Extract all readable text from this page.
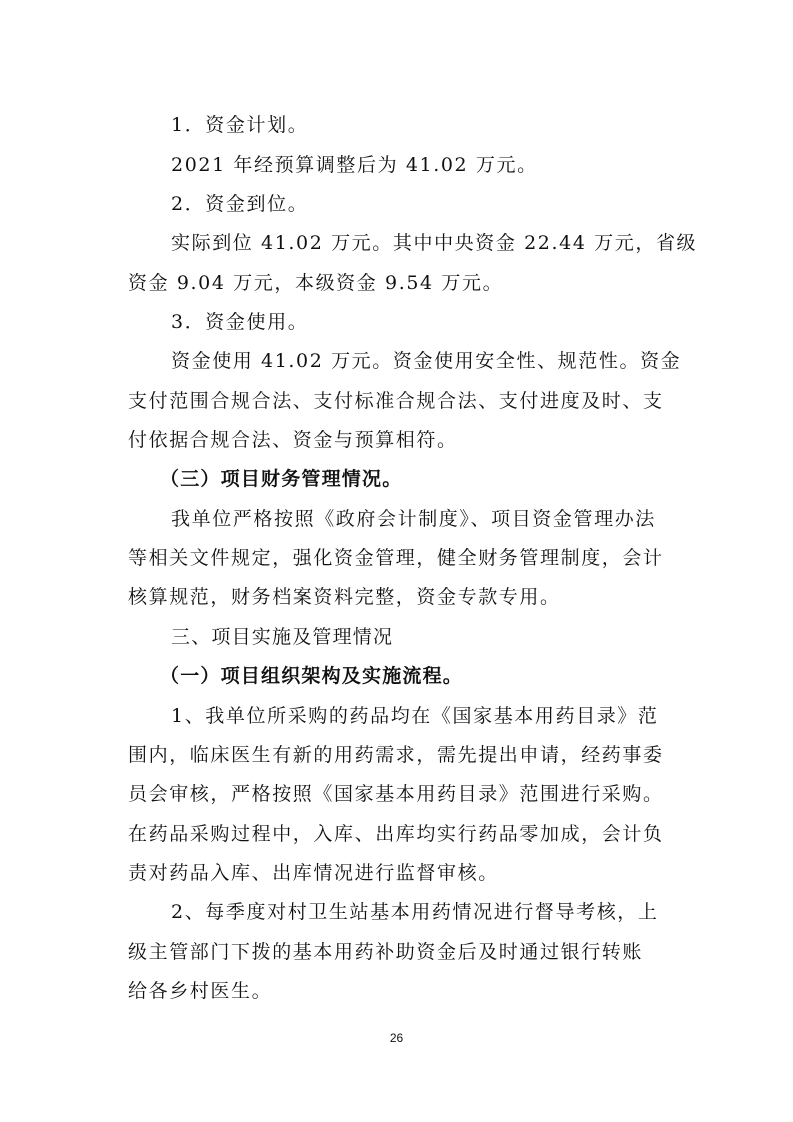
1．资金计划。
2021 年经预算调整后为 41.02 万元。
2．资金到位。
实际到位 41.02 万元。其中中央资金 22.44 万元，省级
资金 9.04 万元，本级资金 9.54 万元。
3．资金使用。
资金使用 41.02 万元。资金使用安全性、规范性。资金
支付范围合规合法、支付标准合规合法、支付进度及时、支
付依据合规合法、资金与预算相符。
（三）项目财务管理情况。
我单位严格按照《政府会计制度》、项目资金管理办法
等相关文件规定，强化资金管理，健全财务管理制度，会计
核算规范，财务档案资料完整，资金专款专用。
三、项目实施及管理情况
（一）项目组织架构及实施流程。
1、我单位所采购的药品均在《国家基本用药目录》范
围内，临床医生有新的用药需求，需先提出申请，经药事委
员会审核，严格按照《国家基本用药目录》范围进行采购。
在药品采购过程中，入库、出库均实行药品零加成，会计负
责对药品入库、出库情况进行监督审核。
2、每季度对村卫生站基本用药情况进行督导考核，上
级主管部门下拨的基本用药补助资金后及时通过银行转账
给各乡村医生。
26
